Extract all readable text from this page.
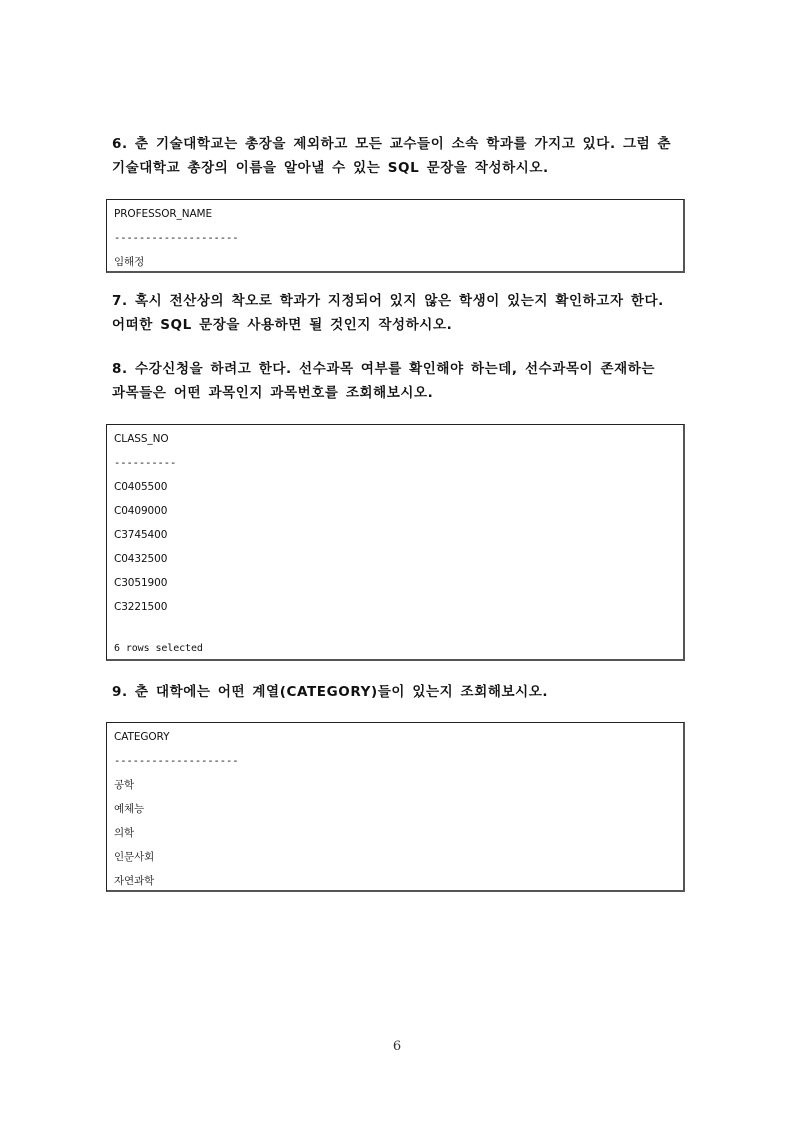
6. 춘 기술대학교는 총장을 제외하고 모든 교수들이 소속 학과를 가지고 있다. 그럼 춘
기술대학교 총장의 이름을 알아낼 수 있는 SQL 문장을 작성하시오.
PROFESSOR_NAME
--------------------
임해정
7. 혹시 전산상의 착오로 학과가 지정되어 있지 않은 학생이 있는지 확인하고자 한다.
어떠한 SQL 문장을 사용하면 될 것인지 작성하시오.
8. 수강신청을 하려고 한다. 선수과목 여부를 확인해야 하는데, 선수과목이 존재하는
과목들은 어떤 과목인지 과목번호를 조회해보시오.
CLASS_NO
----------
C0405500
C0409000
C3745400
C0432500
C3051900
C3221500
6 rows selected
9. 춘 대학에는 어떤 계열(CATEGORY)들이 있는지 조회해보시오.
CATEGORY
--------------------
공학
예체능
의학
인문사회
자연과학
6
